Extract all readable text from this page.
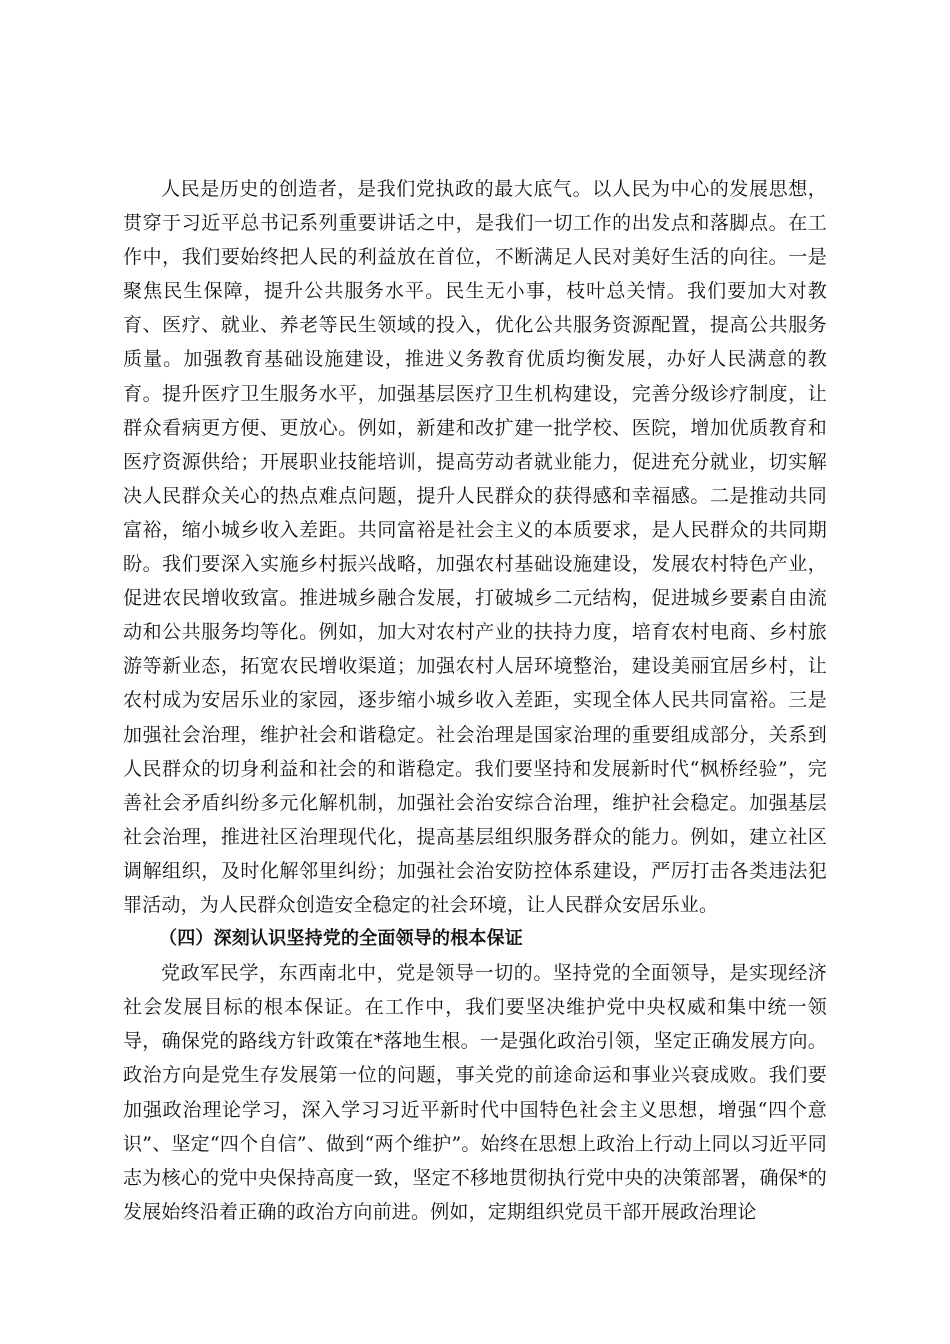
人民是历史的创造者，是我们党执政的最大底气。以人民为中心的发展思想，贯穿于习近平总书记系列重要讲话之中，是我们一切工作的出发点和落脚点。在工作中，我们要始终把人民的利益放在首位，不断满足人民对美好生活的向往。一是聚焦民生保障，提升公共服务水平。民生无小事，枝叶总关情。我们要加大对教育、医疗、就业、养老等民生领域的投入，优化公共服务资源配置，提高公共服务质量。加强教育基础设施建设，推进义务教育优质均衡发展，办好人民满意的教育。提升医疗卫生服务水平，加强基层医疗卫生机构建设，完善分级诊疗制度，让群众看病更方便、更放心。例如，新建和改扩建一批学校、医院，增加优质教育和医疗资源供给；开展职业技能培训，提高劳动者就业能力，促进充分就业，切实解决人民群众关心的热点难点问题，提升人民群众的获得感和幸福感。二是推动共同富裕，缩小城乡收入差距。共同富裕是社会主义的本质要求，是人民群众的共同期盼。我们要深入实施乡村振兴战略，加强农村基础设施建设，发展农村特色产业，促进农民增收致富。推进城乡融合发展，打破城乡二元结构，促进城乡要素自由流动和公共服务均等化。例如，加大对农村产业的扶持力度，培育农村电商、乡村旅游等新业态，拓宽农民增收渠道；加强农村人居环境整治，建设美丽宜居乡村，让农村成为安居乐业的家园，逐步缩小城乡收入差距，实现全体人民共同富裕。三是加强社会治理，维护社会和谐稳定。社会治理是国家治理的重要组成部分，关系到人民群众的切身利益和社会的和谐稳定。我们要坚持和发展新时代“枫桥经验”，完善社会矛盾纠纷多元化解机制，加强社会治安综合治理，维护社会稳定。加强基层社会治理，推进社区治理现代化，提高基层组织服务群众的能力。例如，建立社区调解组织，及时化解邻里纠纷；加强社会治安防控体系建设，严厉打击各类违法犯罪活动，为人民群众创造安全稳定的社会环境，让人民群众安居乐业。

（四）深刻认识坚持党的全面领导的根本保证

党政军民学，东西南北中，党是领导一切的。坚持党的全面领导，是实现经济社会发展目标的根本保证。在工作中，我们要坚决维护党中央权威和集中统一领导，确保党的路线方针政策在*落地生根。一是强化政治引领，坚定正确发展方向。政治方向是党生存发展第一位的问题，事关党的前途命运和事业兴衰成败。我们要加强政治理论学习，深入学习习近平新时代中国特色社会主义思想，增强“四个意识”、坚定“四个自信”、做到“两个维护”。始终在思想上政治上行动上同以习近平同志为核心的党中央保持高度一致，坚定不移地贯彻执行党中央的决策部署，确保*的发展始终沿着正确的政治方向前进。例如，定期组织党员干部开展政治理论
